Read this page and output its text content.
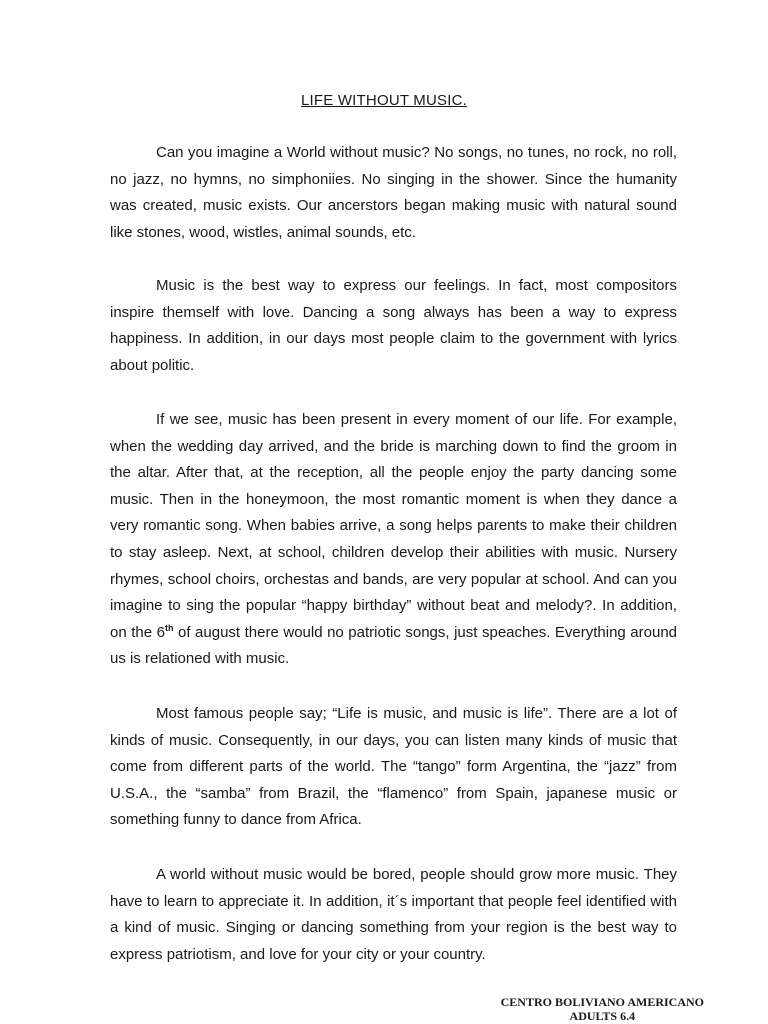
LIFE WITHOUT MUSIC.

Can you imagine a World without music? No songs, no tunes, no rock, no roll, no jazz, no hymns, no simphoniies. No singing in the shower. Since the humanity was created, music exists. Our ancerstors began making music with natural sound like stones, wood, wistles, animal sounds, etc.

Music is the best way to express our feelings. In fact, most compositors inspire themself with love. Dancing a song always has been a way to express happiness. In addition, in our days most people claim to the government with lyrics about politic.

If we see, music has been present in every moment of our life. For example, when the wedding day arrived, and the bride is marching down to find the groom in the altar. After that, at the reception, all the people enjoy the party dancing some music. Then in the honeymoon, the most romantic moment is when they dance a very romantic song. When babies arrive, a song helps parents to make their children to stay asleep. Next, at school, children develop their abilities with music. Nursery rhymes, school choirs, orchestas and bands, are very popular at school. And can you imagine to sing the popular “happy birthday” without beat and melody?. In addition, on the 6th of august there would no patriotic songs, just speaches. Everything around us is relationed with music.

Most famous people say; “Life is music, and music is life”. There are a lot of kinds of music. Consequently, in our days, you can listen many kinds of music that come from different parts of the world. The “tango” form Argentina, the “jazz” from U.S.A., the “samba” from Brazil, the “flamenco” from Spain, japanese music or something funny to dance from Africa.

A world without music would be bored, people should grow more music. They have to learn to appreciate it. In addition, it´s important that people feel identified with a kind of music. Singing or dancing something from your region is the best way to express patriotism, and love for your city or your country.

CENTRO BOLIVIANO AMERICANO
ADULTS 6.4
